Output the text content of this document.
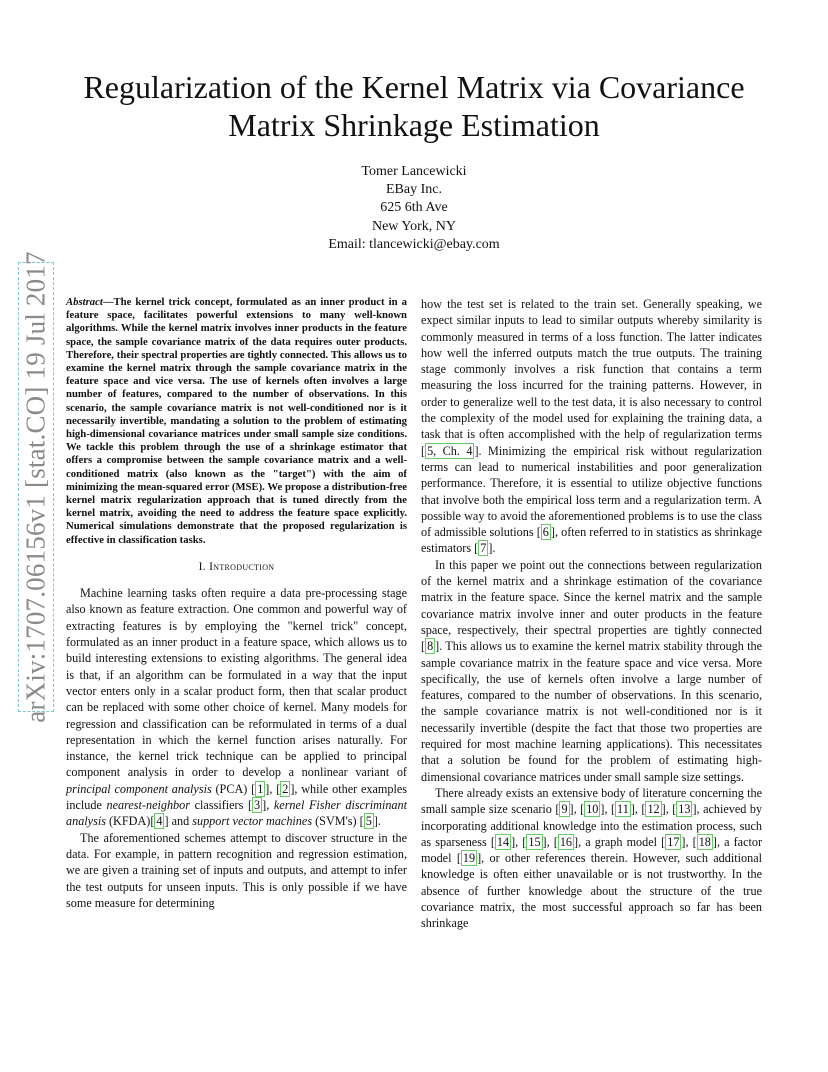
arXiv:1707.06156v1 [stat.CO] 19 Jul 2017
Regularization of the Kernel Matrix via Covariance
Matrix Shrinkage Estimation
Tomer Lancewicki
EBay Inc.
625 6th Ave
New York, NY
Email: tlancewicki@ebay.com

Abstract—The kernel trick concept, formulated as an inner product in a feature space, facilitates powerful extensions to many well-known algorithms. While the kernel matrix involves inner products in the feature space, the sample covariance matrix of the data requires outer products. Therefore, their spectral properties are tightly connected. This allows us to examine the kernel matrix through the sample covariance matrix in the feature space and vice versa. The use of kernels often involves a large number of features, compared to the number of observations. In this scenario, the sample covariance matrix is not well-conditioned nor is it necessarily invertible, mandating a solution to the problem of estimating high-dimensional covariance matrices under small sample size conditions. We tackle this problem through the use of a shrinkage estimator that offers a compromise between the sample covariance matrix and a well-conditioned matrix (also known as the "target") with the aim of minimizing the mean-squared error (MSE). We propose a distribution-free kernel matrix regularization approach that is tuned directly from the kernel matrix, avoiding the need to address the feature space explicitly. Numerical simulations demonstrate that the proposed regularization is effective in classification tasks.

I. Introduction

Machine learning tasks often require a data pre-processing stage also known as feature extraction. One common and powerful way of extracting features is by employing the "kernel trick" concept, formulated as an inner product in a feature space, which allows us to build interesting extensions to existing algorithms. The general idea is that, if an algorithm can be formulated in a way that the input vector enters only in a scalar product form, then that scalar product can be replaced with some other choice of kernel. Many models for regression and classification can be reformulated in terms of a dual representation in which the kernel function arises naturally. For instance, the kernel trick technique can be applied to principal component analysis in order to develop a nonlinear variant of principal component analysis (PCA) [ 1 ], [ 2 ], while other examples include nearest-neighbor classifiers [ 3 ], kernel Fisher discriminant analysis (KFDA)[ 4 ] and support vector machines (SVM's) [ 5 ].

The aforementioned schemes attempt to discover structure in the data. For example, in pattern recognition and regression estimation, we are given a training set of inputs and outputs, and attempt to infer the test outputs for unseen inputs. This is only possible if we have some measure for determining

how the test set is related to the train set. Generally speaking, we expect similar inputs to lead to similar outputs whereby similarity is commonly measured in terms of a loss function. The latter indicates how well the inferred outputs match the true outputs. The training stage commonly involves a risk function that contains a term measuring the loss incurred for the training patterns. However, in order to generalize well to the test data, it is also necessary to control the complexity of the model used for explaining the training data, a task that is often accomplished with the help of regularization terms [ 5, Ch. 4 ]. Minimizing the empirical risk without regularization terms can lead to numerical instabilities and poor generalization performance. Therefore, it is essential to utilize objective functions that involve both the empirical loss term and a regularization term. A possible way to avoid the aforementioned problems is to use the class of admissible solutions [ 6 ], often referred to in statistics as shrinkage estimators [ 7 ].

In this paper we point out the connections between regularization of the kernel matrix and a shrinkage estimation of the covariance matrix in the feature space. Since the kernel matrix and the sample covariance matrix involve inner and outer products in the feature space, respectively, their spectral properties are tightly connected [ 8 ]. This allows us to examine the kernel matrix stability through the sample covariance matrix in the feature space and vice versa. More specifically, the use of kernels often involve a large number of features, compared to the number of observations. In this scenario, the sample covariance matrix is not well-conditioned nor is it necessarily invertible (despite the fact that those two properties are required for most machine learning applications). This necessitates that a solution be found for the problem of estimating high-dimensional covariance matrices under small sample size settings.

There already exists an extensive body of literature concerning the small sample size scenario [ 9 ], [ 10 ], [ 11 ], [ 12 ], [ 13 ], achieved by incorporating additional knowledge into the estimation process, such as sparseness [ 14 ], [ 15 ], [ 16 ], a graph model [ 17 ], [ 18 ], a factor model [ 19 ], or other references therein. However, such additional knowledge is often either unavailable or is not trustworthy. In the absence of further knowledge about the structure of the true covariance matrix, the most successful approach so far has been shrinkage
